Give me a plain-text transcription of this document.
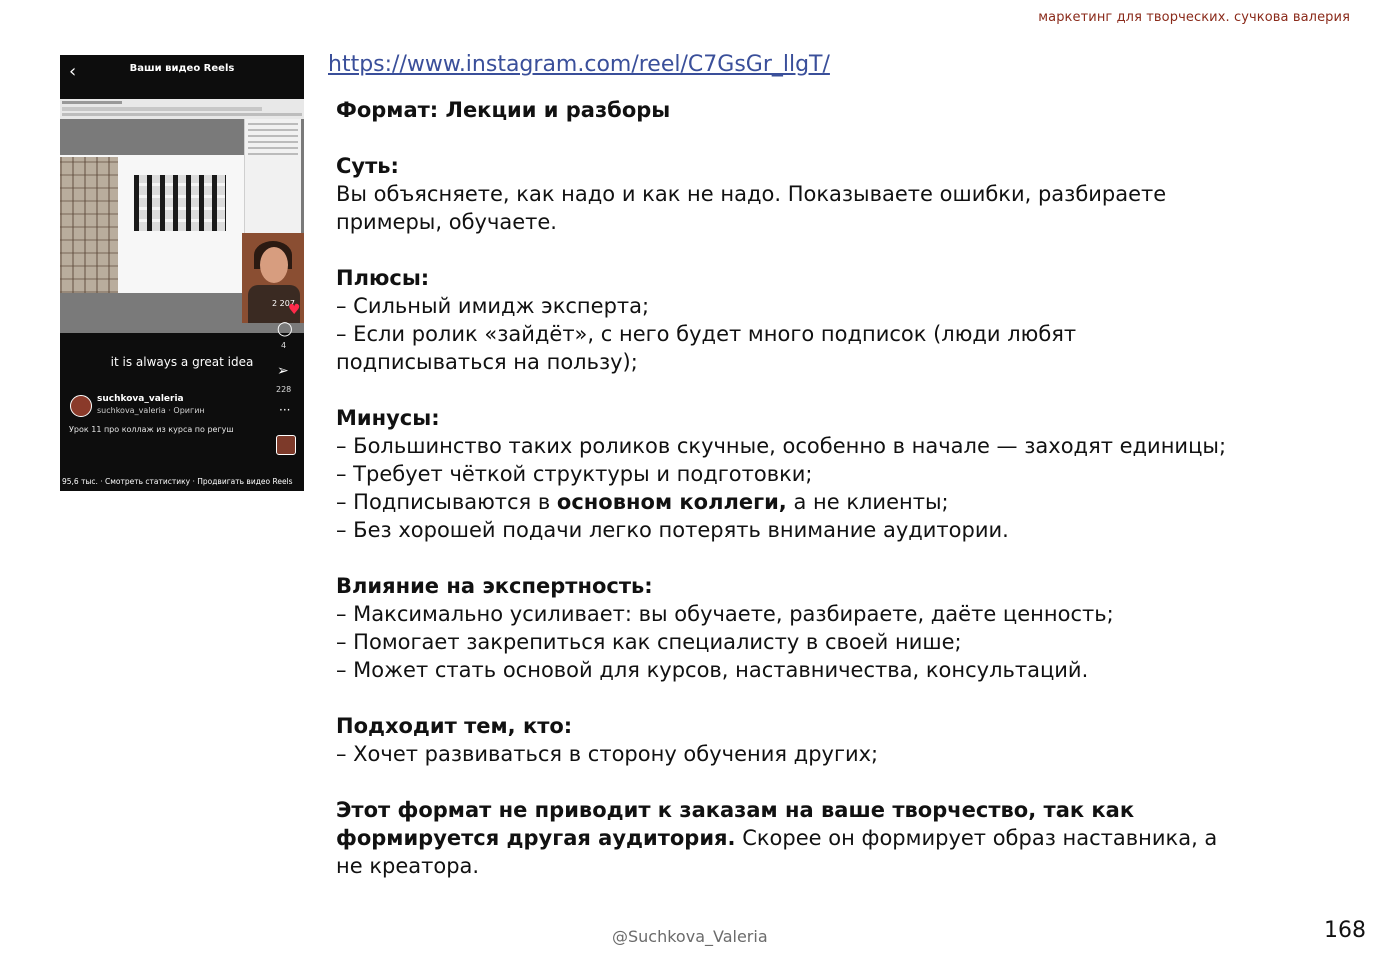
маркетинг для творческих. сучкова валерия
‹	Ваши видео Reels
2 207
♥
◯
4
it is always a great idea
➢
228
···
suchkova_valeria
suchkova_valeria · Оригин
Урок 11 про коллаж из курса по регуш
95,6 тыс. · Смотреть статистику · Продвигать видео Reels
https://www.instagram.com/reel/C7GsGr_llgT/

Формат: Лекции и разборы

Суть:

Вы объясняете, как надо и как не надо. Показываете ошибки, разбираете примеры, обучаете.

Плюсы:

– Сильный имидж эксперта;

– Если ролик «зайдёт», с него будет много подписок (люди любят подписываться на пользу);

Минусы:

– Большинство таких роликов скучные, особенно в начале — заходят единицы;

– Требует чёткой структуры и подготовки;

– Подписываются в основном коллеги, а не клиенты;

– Без хорошей подачи легко потерять внимание аудитории.

Влияние на экспертность:

– Максимально усиливает: вы обучаете, разбираете, даёте ценность;

– Помогает закрепиться как специалисту в своей нише;

– Может стать основой для курсов, наставничества, консультаций.

Подходит тем, кто:

– Хочет развиваться в сторону обучения других;

Этот формат не приводит к заказам на ваше творчество, так как формируется другая аудитория. Скорее он формирует образ наставника, а не креатора.

@Suchkova_Valeria	168
